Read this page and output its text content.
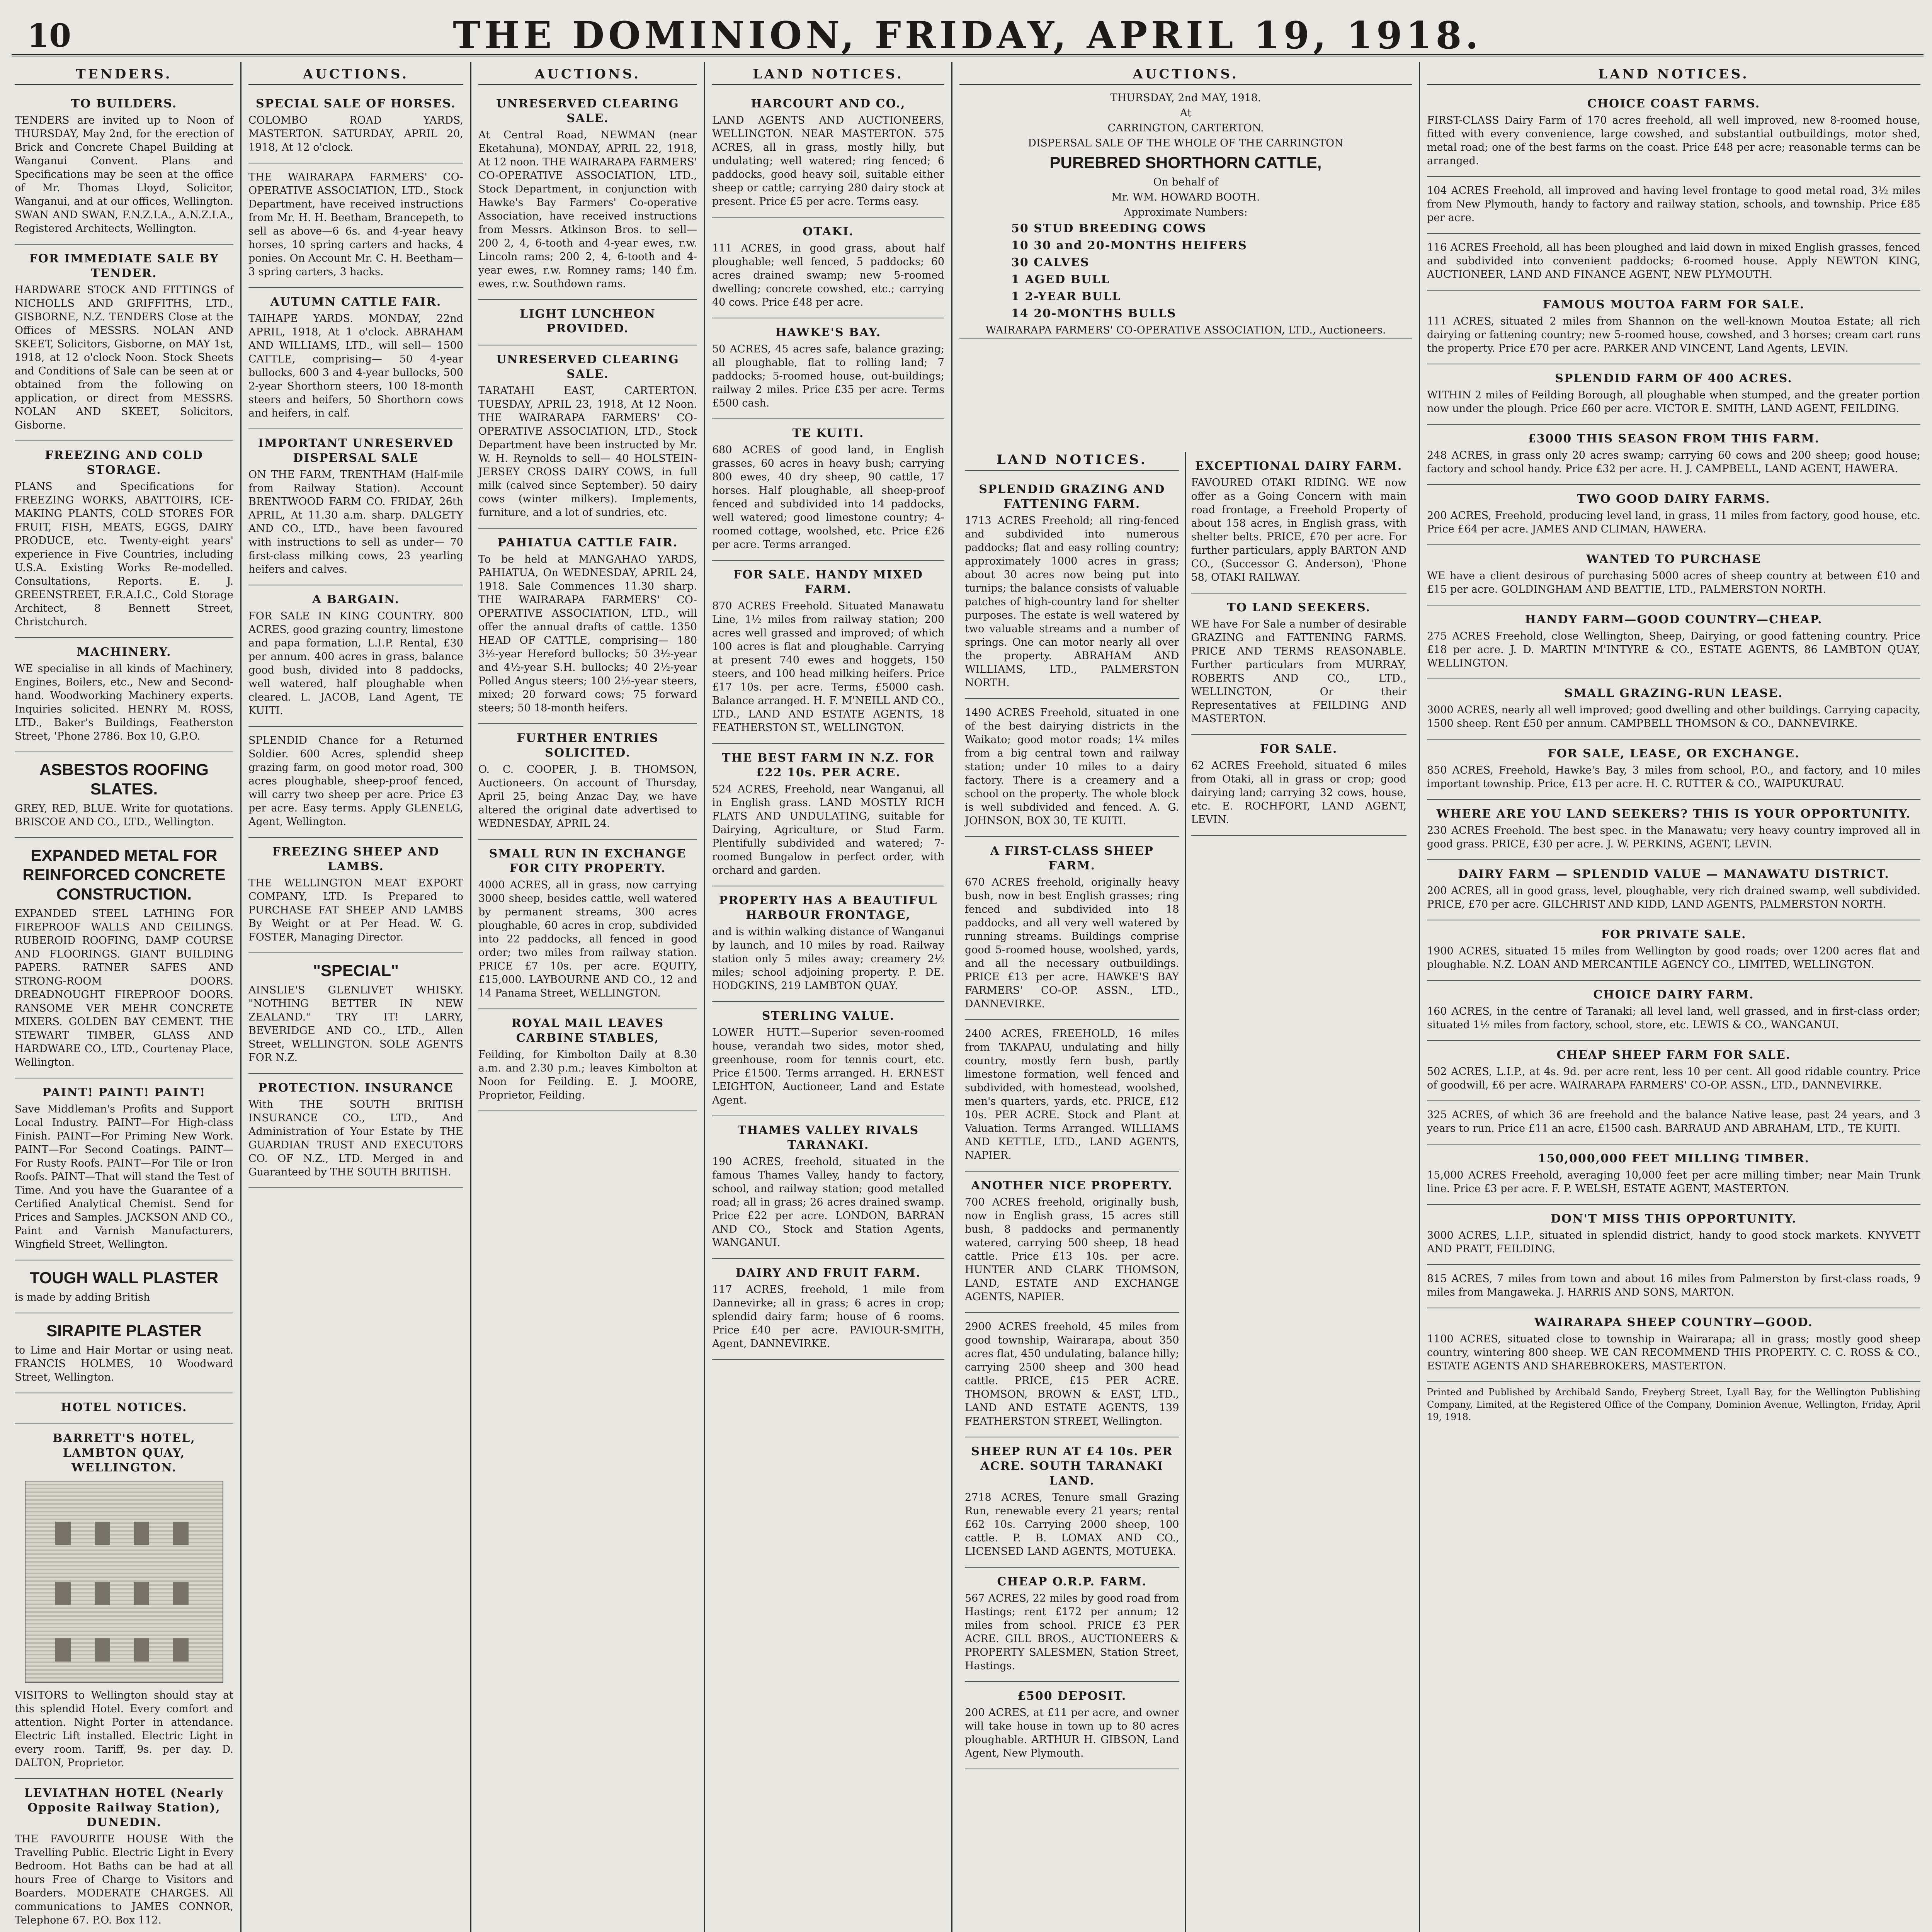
10	THE DOMINION, FRIDAY, APRIL 19, 1918.
TENDERS.
TO BUILDERS.

TENDERS are invited up to Noon of THURSDAY, May 2nd, for the erection of Brick and Concrete Chapel Building at Wanganui Convent. Plans and Specifications may be seen at the office of Mr. Thomas Lloyd, Solicitor, Wanganui, and at our offices, Wellington. SWAN AND SWAN, F.N.Z.I.A., A.N.Z.I.A., Registered Architects, Wellington.

FOR IMMEDIATE SALE BY TENDER.

HARDWARE STOCK AND FITTINGS of NICHOLLS AND GRIFFITHS, LTD., GISBORNE, N.Z. TENDERS Close at the Offices of MESSRS. NOLAN AND SKEET, Solicitors, Gisborne, on MAY 1st, 1918, at 12 o'clock Noon. Stock Sheets and Conditions of Sale can be seen at or obtained from the following on application, or direct from MESSRS. NOLAN AND SKEET, Solicitors, Gisborne.

FREEZING AND COLD STORAGE.

PLANS and Specifications for FREEZING WORKS, ABATTOIRS, ICE-MAKING PLANTS, COLD STORES FOR FRUIT, FISH, MEATS, EGGS, DAIRY PRODUCE, etc. Twenty-eight years' experience in Five Countries, including U.S.A. Existing Works Re-modelled. Consultations, Reports. E. J. GREENSTREET, F.R.A.I.C., Cold Storage Architect, 8 Bennett Street, Christchurch.

MACHINERY.

WE specialise in all kinds of Machinery, Engines, Boilers, etc., New and Second-hand. Woodworking Machinery experts. Inquiries solicited. HENRY M. ROSS, LTD., Baker's Buildings, Featherston Street, 'Phone 2786. Box 10, G.P.O.

ASBESTOS ROOFING SLATES.

GREY, RED, BLUE. Write for quotations. BRISCOE AND CO., LTD., Wellington.

EXPANDED METAL FOR REINFORCED CONCRETE CONSTRUCTION.

EXPANDED STEEL LATHING FOR FIREPROOF WALLS AND CEILINGS. RUBEROID ROOFING, DAMP COURSE AND FLOORINGS. GIANT BUILDING PAPERS. RATNER SAFES AND STRONG-ROOM DOORS. DREADNOUGHT FIREPROOF DOORS. RANSOME VER MEHR CONCRETE MIXERS. GOLDEN BAY CEMENT. THE STEWART TIMBER, GLASS AND HARDWARE CO., LTD., Courtenay Place, Wellington.

PAINT! PAINT! PAINT!

Save Middleman's Profits and Support Local Industry. PAINT—For High-class Finish. PAINT—For Priming New Work. PAINT—For Second Coatings. PAINT—For Rusty Roofs. PAINT—For Tile or Iron Roofs. PAINT—That will stand the Test of Time. And you have the Guarantee of a Certified Analytical Chemist. Send for Prices and Samples. JACKSON AND CO., Paint and Varnish Manufacturers, Wingfield Street, Wellington.

TOUGH WALL PLASTER

is made by adding British

SIRAPITE PLASTER

to Lime and Hair Mortar or using neat. FRANCIS HOLMES, 10 Woodward Street, Wellington.

HOTEL NOTICES.
BARRETT'S HOTEL, LAMBTON QUAY, WELLINGTON.

VISITORS to Wellington should stay at this splendid Hotel. Every comfort and attention. Night Porter in attendance. Electric Lift installed. Electric Light in every room. Tariff, 9s. per day. D. DALTON, Proprietor.

LEVIATHAN HOTEL (Nearly Opposite Railway Station), DUNEDIN.

THE FAVOURITE HOUSE With the Travelling Public. Electric Light in Every Bedroom. Hot Baths can be had at all hours Free of Charge to Visitors and Boarders. MODERATE CHARGES. All communications to JAMES CONNOR, Telephone 67. P.O. Box 112.

AUCTIONS.
SPECIAL SALE OF HORSES.

COLOMBO ROAD YARDS, MASTERTON. SATURDAY, APRIL 20, 1918, At 12 o'clock.

THE WAIRARAPA FARMERS' CO-OPERATIVE ASSOCIATION, LTD., Stock Department, have received instructions from Mr. H. H. Beetham, Brancepeth, to sell as above—6 6s. and 4-year heavy horses, 10 spring carters and hacks, 4 ponies. On Account Mr. C. H. Beetham—3 spring carters, 3 hacks.

AUTUMN CATTLE FAIR.

TAIHAPE YARDS. MONDAY, 22nd APRIL, 1918, At 1 o'clock. ABRAHAM AND WILLIAMS, LTD., will sell— 1500 CATTLE, comprising— 50 4-year bullocks, 600 3 and 4-year bullocks, 500 2-year Shorthorn steers, 100 18-month steers and heifers, 50 Shorthorn cows and heifers, in calf.

IMPORTANT UNRESERVED DISPERSAL SALE

ON THE FARM, TRENTHAM (Half-mile from Railway Station). Account BRENTWOOD FARM CO. FRIDAY, 26th APRIL, At 11.30 a.m. sharp. DALGETY AND CO., LTD., have been favoured with instructions to sell as under— 70 first-class milking cows, 23 yearling heifers and calves.

A BARGAIN.

FOR SALE IN KING COUNTRY. 800 ACRES, good grazing country, limestone and papa formation, L.I.P. Rental, £30 per annum. 400 acres in grass, balance good bush, divided into 8 paddocks, well watered, half ploughable when cleared. L. JACOB, Land Agent, TE KUITI.

SPLENDID Chance for a Returned Soldier. 600 Acres, splendid sheep grazing farm, on good motor road, 300 acres ploughable, sheep-proof fenced, will carry two sheep per acre. Price £3 per acre. Easy terms. Apply GLENELG, Agent, Wellington.

FREEZING SHEEP AND LAMBS.

THE WELLINGTON MEAT EXPORT COMPANY, LTD. Is Prepared to PURCHASE FAT SHEEP AND LAMBS By Weight or at Per Head. W. G. FOSTER, Managing Director.

"SPECIAL"

AINSLIE'S GLENLIVET WHISKY. "NOTHING BETTER IN NEW ZEALAND." TRY IT! LARRY, BEVERIDGE AND CO., LTD., Allen Street, WELLINGTON. SOLE AGENTS FOR N.Z.

PROTECTION. INSURANCE

With THE SOUTH BRITISH INSURANCE CO., LTD., And Administration of Your Estate by THE GUARDIAN TRUST AND EXECUTORS CO. OF N.Z., LTD. Merged in and Guaranteed by THE SOUTH BRITISH.

AUCTIONS.
UNRESERVED CLEARING SALE.

At Central Road, NEWMAN (near Eketahuna), MONDAY, APRIL 22, 1918, At 12 noon. THE WAIRARAPA FARMERS' CO-OPERATIVE ASSOCIATION, LTD., Stock Department, in conjunction with Hawke's Bay Farmers' Co-operative Association, have received instructions from Messrs. Atkinson Bros. to sell— 200 2, 4, 6-tooth and 4-year ewes, r.w. Lincoln rams; 200 2, 4, 6-tooth and 4-year ewes, r.w. Romney rams; 140 f.m. ewes, r.w. Southdown rams.

LIGHT LUNCHEON PROVIDED.
UNRESERVED CLEARING SALE.

TARATAHI EAST, CARTERTON. TUESDAY, APRIL 23, 1918, At 12 Noon. THE WAIRARAPA FARMERS' CO-OPERATIVE ASSOCIATION, LTD., Stock Department have been instructed by Mr. W. H. Reynolds to sell— 40 HOLSTEIN-JERSEY CROSS DAIRY COWS, in full milk (calved since September). 50 dairy cows (winter milkers). Implements, furniture, and a lot of sundries, etc.

PAHIATUA CATTLE FAIR.

To be held at MANGAHAO YARDS, PAHIATUA, On WEDNESDAY, APRIL 24, 1918. Sale Commences 11.30 sharp. THE WAIRARAPA FARMERS' CO-OPERATIVE ASSOCIATION, LTD., will offer the annual drafts of cattle. 1350 HEAD OF CATTLE, comprising— 180 3½-year Hereford bullocks; 50 3½-year and 4½-year S.H. bullocks; 40 2½-year Polled Angus steers; 100 2½-year steers, mixed; 20 forward cows; 75 forward steers; 50 18-month heifers.

FURTHER ENTRIES SOLICITED.

O. C. COOPER, J. B. THOMSON, Auctioneers. On account of Thursday, April 25, being Anzac Day, we have altered the original date advertised to WEDNESDAY, APRIL 24.

SMALL RUN IN EXCHANGE FOR CITY PROPERTY.

4000 ACRES, all in grass, now carrying 3000 sheep, besides cattle, well watered by permanent streams, 300 acres ploughable, 60 acres in crop, subdivided into 22 paddocks, all fenced in good order; two miles from railway station. PRICE £7 10s. per acre. EQUITY, £15,000. LAYBOURNE AND CO., 12 and 14 Panama Street, WELLINGTON.

ROYAL MAIL LEAVES CARBINE STABLES,

Feilding, for Kimbolton Daily at 8.30 a.m. and 2.30 p.m.; leaves Kimbolton at Noon for Feilding. E. J. MOORE, Proprietor, Feilding.

LAND NOTICES.
HARCOURT AND CO.,

LAND AGENTS AND AUCTIONEERS, WELLINGTON. NEAR MASTERTON. 575 ACRES, all in grass, mostly hilly, but undulating; well watered; ring fenced; 6 paddocks, good heavy soil, suitable either sheep or cattle; carrying 280 dairy stock at present. Price £5 per acre. Terms easy.

OTAKI.

111 ACRES, in good grass, about half ploughable; well fenced, 5 paddocks; 60 acres drained swamp; new 5-roomed dwelling; concrete cowshed, etc.; carrying 40 cows. Price £48 per acre.

HAWKE'S BAY.

50 ACRES, 45 acres safe, balance grazing; all ploughable, flat to rolling land; 7 paddocks; 5-roomed house, out-buildings; railway 2 miles. Price £35 per acre. Terms £500 cash.

TE KUITI.

680 ACRES of good land, in English grasses, 60 acres in heavy bush; carrying 800 ewes, 40 dry sheep, 90 cattle, 17 horses. Half ploughable, all sheep-proof fenced and subdivided into 14 paddocks, well watered; good limestone country; 4-roomed cottage, woolshed, etc. Price £26 per acre. Terms arranged.

FOR SALE. HANDY MIXED FARM.

870 ACRES Freehold. Situated Manawatu Line, 1½ miles from railway station; 200 acres well grassed and improved; of which 100 acres is flat and ploughable. Carrying at present 740 ewes and hoggets, 150 steers, and 100 head milking heifers. Price £17 10s. per acre. Terms, £5000 cash. Balance arranged. H. F. M'NEILL AND CO., LTD., LAND AND ESTATE AGENTS, 18 FEATHERSTON ST., WELLINGTON.

THE BEST FARM IN N.Z. FOR £22 10s. PER ACRE.

524 ACRES, Freehold, near Wanganui, all in English grass. LAND MOSTLY RICH FLATS AND UNDULATING, suitable for Dairying, Agriculture, or Stud Farm. Plentifully subdivided and watered; 7-roomed Bungalow in perfect order, with orchard and garden.

PROPERTY HAS A BEAUTIFUL HARBOUR FRONTAGE,

and is within walking distance of Wanganui by launch, and 10 miles by road. Railway station only 5 miles away; creamery 2½ miles; school adjoining property. P. DE. HODGKINS, 219 LAMBTON QUAY.

STERLING VALUE.

LOWER HUTT.—Superior seven-roomed house, verandah two sides, motor shed, greenhouse, room for tennis court, etc. Price £1500. Terms arranged. H. ERNEST LEIGHTON, Auctioneer, Land and Estate Agent.

THAMES VALLEY RIVALS TARANAKI.

190 ACRES, freehold, situated in the famous Thames Valley, handy to factory, school, and railway station; good metalled road; all in grass; 26 acres drained swamp. Price £22 per acre. LONDON, BARRAN AND CO., Stock and Station Agents, WANGANUI.

DAIRY AND FRUIT FARM.

117 ACRES, freehold, 1 mile from Dannevirke; all in grass; 6 acres in crop; splendid dairy farm; house of 6 rooms. Price £40 per acre. PAVIOUR-SMITH, Agent, DANNEVIRKE.

AUCTIONS.
THURSDAY, 2nd MAY, 1918.
At
CARRINGTON, CARTERTON.
DISPERSAL SALE OF THE WHOLE OF THE CARRINGTON
PUREBRED SHORTHORN CATTLE,
On behalf of
Mr. WM. HOWARD BOOTH.
Approximate Numbers:
50 STUD BREEDING COWS
10 30 and 20-MONTHS HEIFERS
30 CALVES
1 AGED BULL
1 2-YEAR BULL
14 20-MONTHS BULLS
WAIRARAPA FARMERS' CO-OPERATIVE ASSOCIATION, LTD., Auctioneers.
LAND NOTICES.
SPLENDID GRAZING AND FATTENING FARM.

1713 ACRES Freehold; all ring-fenced and subdivided into numerous paddocks; flat and easy rolling country; approximately 1000 acres in grass; about 30 acres now being put into turnips; the balance consists of valuable patches of high-country land for shelter purposes. The estate is well watered by two valuable streams and a number of springs. One can motor nearly all over the property. ABRAHAM AND WILLIAMS, LTD., PALMERSTON NORTH.

1490 ACRES Freehold, situated in one of the best dairying districts in the Waikato; good motor roads; 1¼ miles from a big central town and railway station; under 10 miles to a dairy factory. There is a creamery and a school on the property. The whole block is well subdivided and fenced. A. G. JOHNSON, BOX 30, TE KUITI.

A FIRST-CLASS SHEEP FARM.

670 ACRES freehold, originally heavy bush, now in best English grasses; ring fenced and subdivided into 18 paddocks, and all very well watered by running streams. Buildings comprise good 5-roomed house, woolshed, yards, and all the necessary outbuildings. PRICE £13 per acre. HAWKE'S BAY FARMERS' CO-OP. ASSN., LTD., DANNEVIRKE.

2400 ACRES, FREEHOLD, 16 miles from TAKAPAU, undulating and hilly country, mostly fern bush, partly limestone formation, well fenced and subdivided, with homestead, woolshed, men's quarters, yards, etc. PRICE, £12 10s. PER ACRE. Stock and Plant at Valuation. Terms Arranged. WILLIAMS AND KETTLE, LTD., LAND AGENTS, NAPIER.

ANOTHER NICE PROPERTY.

700 ACRES freehold, originally bush, now in English grass, 15 acres still bush, 8 paddocks and permanently watered, carrying 500 sheep, 18 head cattle. Price £13 10s. per acre. HUNTER AND CLARK THOMSON, LAND, ESTATE AND EXCHANGE AGENTS, NAPIER.

2900 ACRES freehold, 45 miles from good township, Wairarapa, about 350 acres flat, 450 undulating, balance hilly; carrying 2500 sheep and 300 head cattle. PRICE, £15 PER ACRE. THOMSON, BROWN & EAST, LTD., LAND AND ESTATE AGENTS, 139 FEATHERSTON STREET, Wellington.

SHEEP RUN AT £4 10s. PER ACRE. SOUTH TARANAKI LAND.

2718 ACRES, Tenure small Grazing Run, renewable every 21 years; rental £62 10s. Carrying 2000 sheep, 100 cattle. P. B. LOMAX AND CO., LICENSED LAND AGENTS, MOTUEKA.

CHEAP O.R.P. FARM.

567 ACRES, 22 miles by good road from Hastings; rent £172 per annum; 12 miles from school. PRICE £3 PER ACRE. GILL BROS., AUCTIONEERS & PROPERTY SALESMEN, Station Street, Hastings.

£500 DEPOSIT.

200 ACRES, at £11 per acre, and owner will take house in town up to 80 acres ploughable. ARTHUR H. GIBSON, Land Agent, New Plymouth.

EXCEPTIONAL DAIRY FARM.

FAVOURED OTAKI RIDING. WE now offer as a Going Concern with main road frontage, a Freehold Property of about 158 acres, in English grass, with shelter belts. PRICE, £70 per acre. For further particulars, apply BARTON AND CO., (Successor G. Anderson), 'Phone 58, OTAKI RAILWAY.

TO LAND SEEKERS.

WE have For Sale a number of desirable GRAZING and FATTENING FARMS. PRICE AND TERMS REASONABLE. Further particulars from MURRAY, ROBERTS AND CO., LTD., WELLINGTON, Or their Representatives at FEILDING AND MASTERTON.

FOR SALE.

62 ACRES Freehold, situated 6 miles from Otaki, all in grass or crop; good dairying land; carrying 32 cows, house, etc. E. ROCHFORT, LAND AGENT, LEVIN.

LAND NOTICES.
CHOICE COAST FARMS.

FIRST-CLASS Dairy Farm of 170 acres freehold, all well improved, new 8-roomed house, fitted with every convenience, large cowshed, and substantial outbuildings, motor shed, metal road; one of the best farms on the coast. Price £48 per acre; reasonable terms can be arranged.

104 ACRES Freehold, all improved and having level frontage to good metal road, 3½ miles from New Plymouth, handy to factory and railway station, schools, and township. Price £85 per acre.

116 ACRES Freehold, all has been ploughed and laid down in mixed English grasses, fenced and subdivided into convenient paddocks; 6-roomed house. Apply NEWTON KING, AUCTIONEER, LAND AND FINANCE AGENT, NEW PLYMOUTH.

FAMOUS MOUTOA FARM FOR SALE.

111 ACRES, situated 2 miles from Shannon on the well-known Moutoa Estate; all rich dairying or fattening country; new 5-roomed house, cowshed, and 3 horses; cream cart runs the property. Price £70 per acre. PARKER AND VINCENT, Land Agents, LEVIN.

SPLENDID FARM OF 400 ACRES.

WITHIN 2 miles of Feilding Borough, all ploughable when stumped, and the greater portion now under the plough. Price £60 per acre. VICTOR E. SMITH, LAND AGENT, FEILDING.

£3000 THIS SEASON FROM THIS FARM.

248 ACRES, in grass only 20 acres swamp; carrying 60 cows and 200 sheep; good house; factory and school handy. Price £32 per acre. H. J. CAMPBELL, LAND AGENT, HAWERA.

TWO GOOD DAIRY FARMS.

200 ACRES, Freehold, producing level land, in grass, 11 miles from factory, good house, etc. Price £64 per acre. JAMES AND CLIMAN, HAWERA.

WANTED TO PURCHASE

WE have a client desirous of purchasing 5000 acres of sheep country at between £10 and £15 per acre. GOLDINGHAM AND BEATTIE, LTD., PALMERSTON NORTH.

HANDY FARM—GOOD COUNTRY—CHEAP.

275 ACRES Freehold, close Wellington, Sheep, Dairying, or good fattening country. Price £18 per acre. J. D. MARTIN M'INTYRE & CO., ESTATE AGENTS, 86 LAMBTON QUAY, WELLINGTON.

SMALL GRAZING-RUN LEASE.

3000 ACRES, nearly all well improved; good dwelling and other buildings. Carrying capacity, 1500 sheep. Rent £50 per annum. CAMPBELL THOMSON & CO., DANNEVIRKE.

FOR SALE, LEASE, OR EXCHANGE.

850 ACRES, Freehold, Hawke's Bay, 3 miles from school, P.O., and factory, and 10 miles important township. Price, £13 per acre. H. C. RUTTER & CO., WAIPUKURAU.

WHERE ARE YOU LAND SEEKERS? THIS IS YOUR OPPORTUNITY.

230 ACRES Freehold. The best spec. in the Manawatu; very heavy country improved all in good grass. PRICE, £30 per acre. J. W. PERKINS, AGENT, LEVIN.

DAIRY FARM — SPLENDID VALUE — MANAWATU DISTRICT.

200 ACRES, all in good grass, level, ploughable, very rich drained swamp, well subdivided. PRICE, £70 per acre. GILCHRIST AND KIDD, LAND AGENTS, PALMERSTON NORTH.

FOR PRIVATE SALE.

1900 ACRES, situated 15 miles from Wellington by good roads; over 1200 acres flat and ploughable. N.Z. LOAN AND MERCANTILE AGENCY CO., LIMITED, WELLINGTON.

CHOICE DAIRY FARM.

160 ACRES, in the centre of Taranaki; all level land, well grassed, and in first-class order; situated 1½ miles from factory, school, store, etc. LEWIS & CO., WANGANUI.

CHEAP SHEEP FARM FOR SALE.

502 ACRES, L.I.P., at 4s. 9d. per acre rent, less 10 per cent. All good ridable country. Price of goodwill, £6 per acre. WAIRARAPA FARMERS' CO-OP. ASSN., LTD., DANNEVIRKE.

325 ACRES, of which 36 are freehold and the balance Native lease, past 24 years, and 3 years to run. Price £11 an acre, £1500 cash. BARRAUD AND ABRAHAM, LTD., TE KUITI.

150,000,000 FEET MILLING TIMBER.

15,000 ACRES Freehold, averaging 10,000 feet per acre milling timber; near Main Trunk line. Price £3 per acre. F. P. WELSH, ESTATE AGENT, MASTERTON.

DON'T MISS THIS OPPORTUNITY.

3000 ACRES, L.I.P., situated in splendid district, handy to good stock markets. KNYVETT AND PRATT, FEILDING.

815 ACRES, 7 miles from town and about 16 miles from Palmerston by first-class roads, 9 miles from Mangaweka. J. HARRIS AND SONS, MARTON.

WAIRARAPA SHEEP COUNTRY—GOOD.

1100 ACRES, situated close to township in Wairarapa; all in grass; mostly good sheep country, wintering 800 sheep. WE CAN RECOMMEND THIS PROPERTY. C. C. ROSS & CO., ESTATE AGENTS AND SHAREBROKERS, MASTERTON.

Printed and Published by Archibald Sando, Freyberg Street, Lyall Bay, for the Wellington Publishing Company, Limited, at the Registered Office of the Company, Dominion Avenue, Wellington, Friday, April 19, 1918.
